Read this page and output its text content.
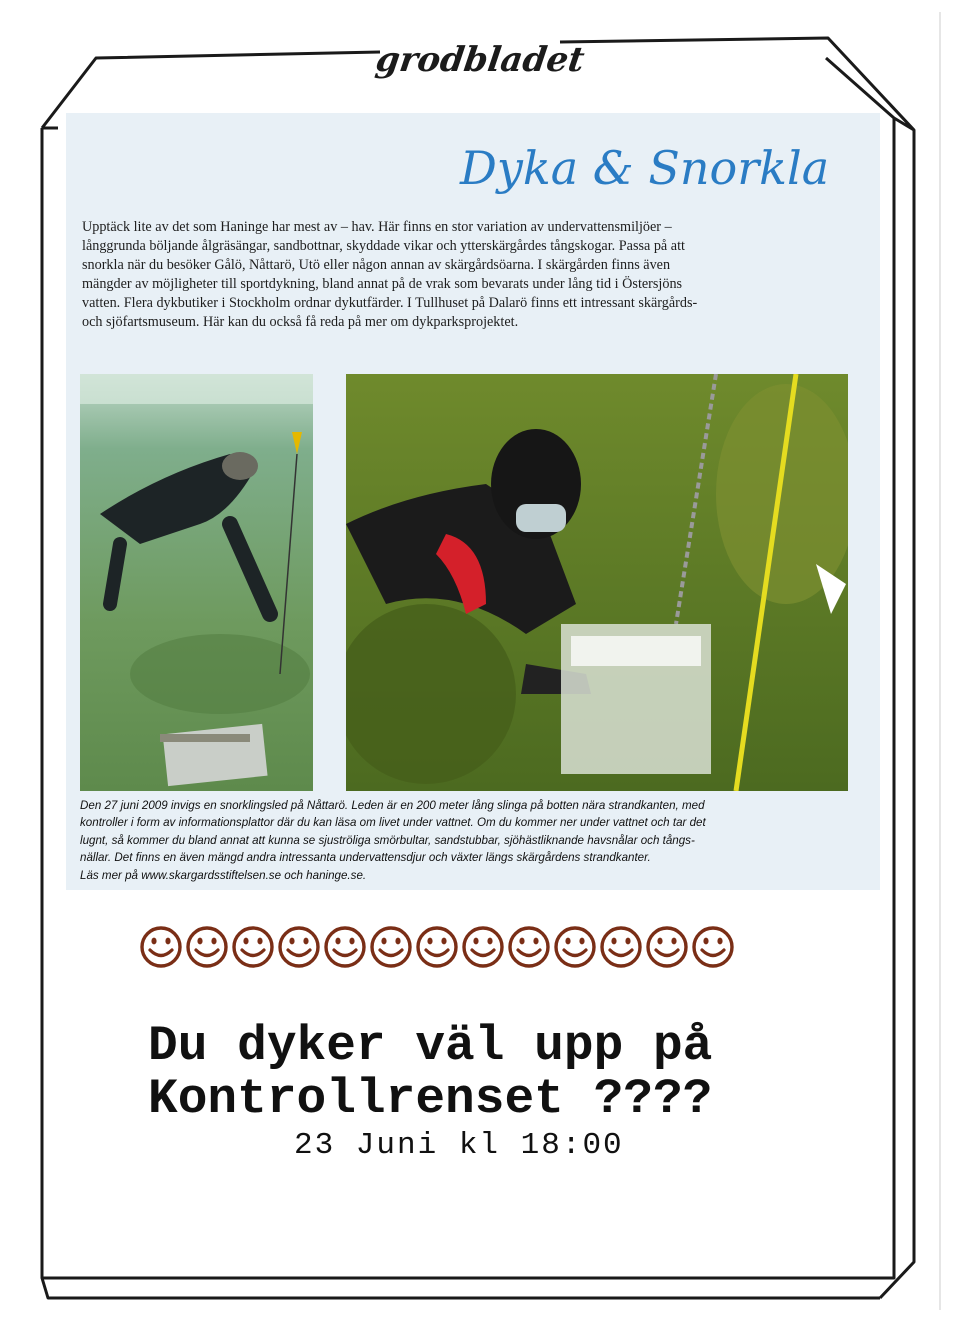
grodbladet
Dyka & Snorkla

Upptäck lite av det som Haninge har mest av – hav. Här finns en stor variation av undervattensmiljöer –
långgrunda böljande ålgräsängar, sandbottnar, skyddade vikar och ytterskärgårdes tångskogar. Passa på att
snorkla när du besöker Gålö, Nåttarö, Utö eller någon annan av skärgårdsöarna. I skärgården finns även
mängder av möjligheter till sportdykning, bland annat på de vrak som bevarats under lång tid i Östersjöns
vatten. Flera dykbutiker i Stockholm ordnar dykutfärder. I Tullhuset på Dalarö finns ett intressant skärgårds-
och sjöfartsmuseum. Här kan du också få reda på mer om dykparksprojektet.

Den 27 juni 2009 invigs en snorklingsled på Nåttarö. Leden är en 200 meter lång slinga på botten nära strandkanten, med
kontroller i form av informationsplattor där du kan läsa om livet under vattnet. Om du kommer ner under vattnet och tar det
lugnt, så kommer du bland annat att kunna se sjuströliga smörbultar, sandstubbar, sjöhästliknande havsnålar och tångs-
nällar. Det finns en även mängd andra intressanta undervattensdjur och växter längs skärgårdens strandkanter.
Läs mer på www.skargardsstiftelsen.se och haninge.se.

Du dyker väl upp på
Kontrollrenset ????

23 Juni kl 18:00
